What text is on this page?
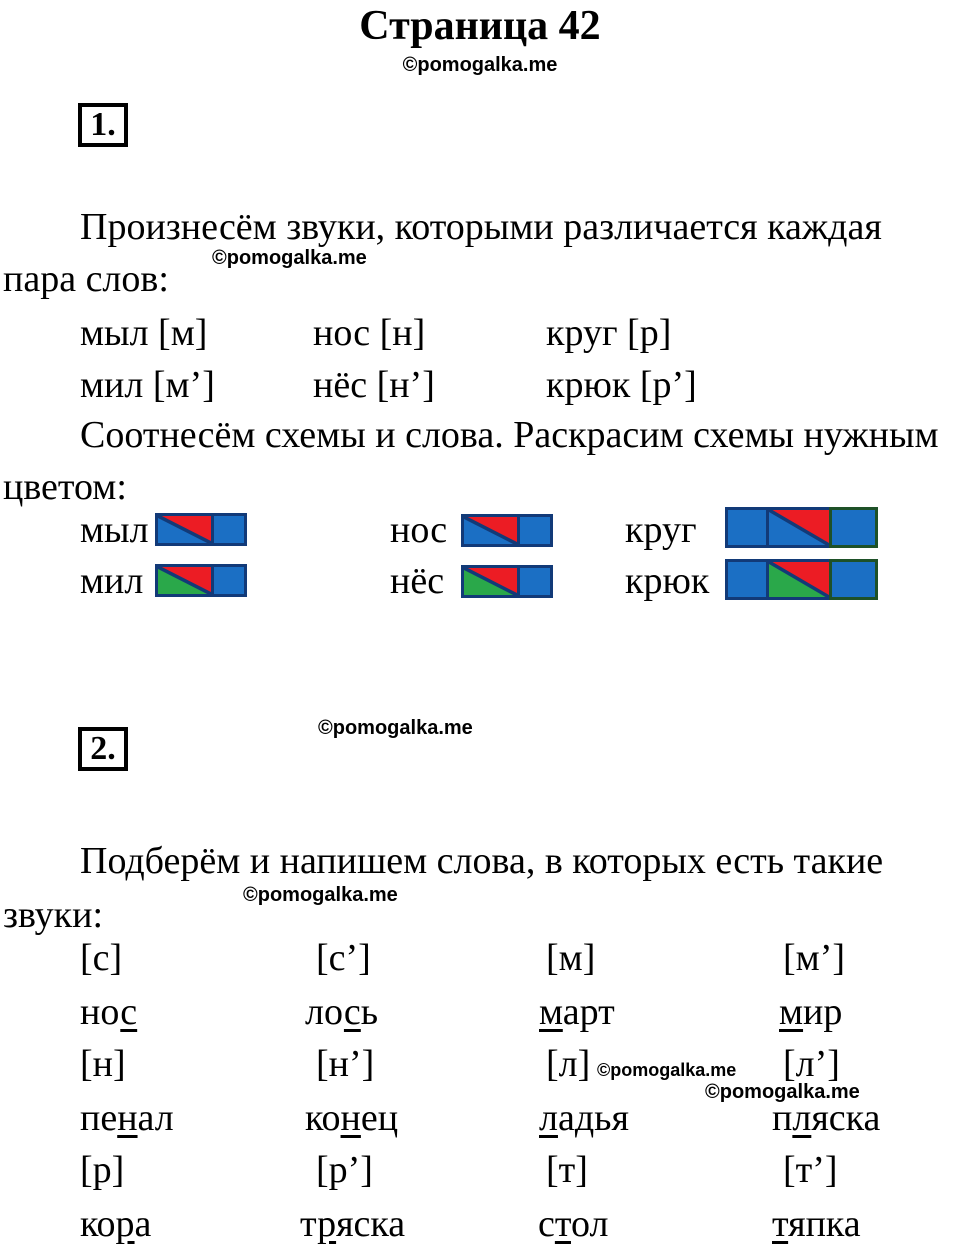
Страница 42
©pomogalka.me
1.
Произнесём звуки, которыми различается каждая
©pomogalka.me
пара слов:
мыл [м]	нос [н]	круг [р]
мил [м’]	нёс [н’]	крюк [р’]
Соотнесём схемы и слова. Раскрасим схемы нужным
цветом:
мыл	нос	круг
мил	нёс	крюк
©pomogalka.me
2.
Подберём и напишем слова, в которых есть такие
©pomogalka.me
звуки:
[с]	[с’]	[м]	[м’]
нос	лось	март	мир
[н]	[н’]	[л]	[л’]
©pomogalka.me
©pomogalka.me
пенал	конец	ладья	пляска
[р]	[р’]	[т]	[т’]
кора	тряска	стол	тяпка
